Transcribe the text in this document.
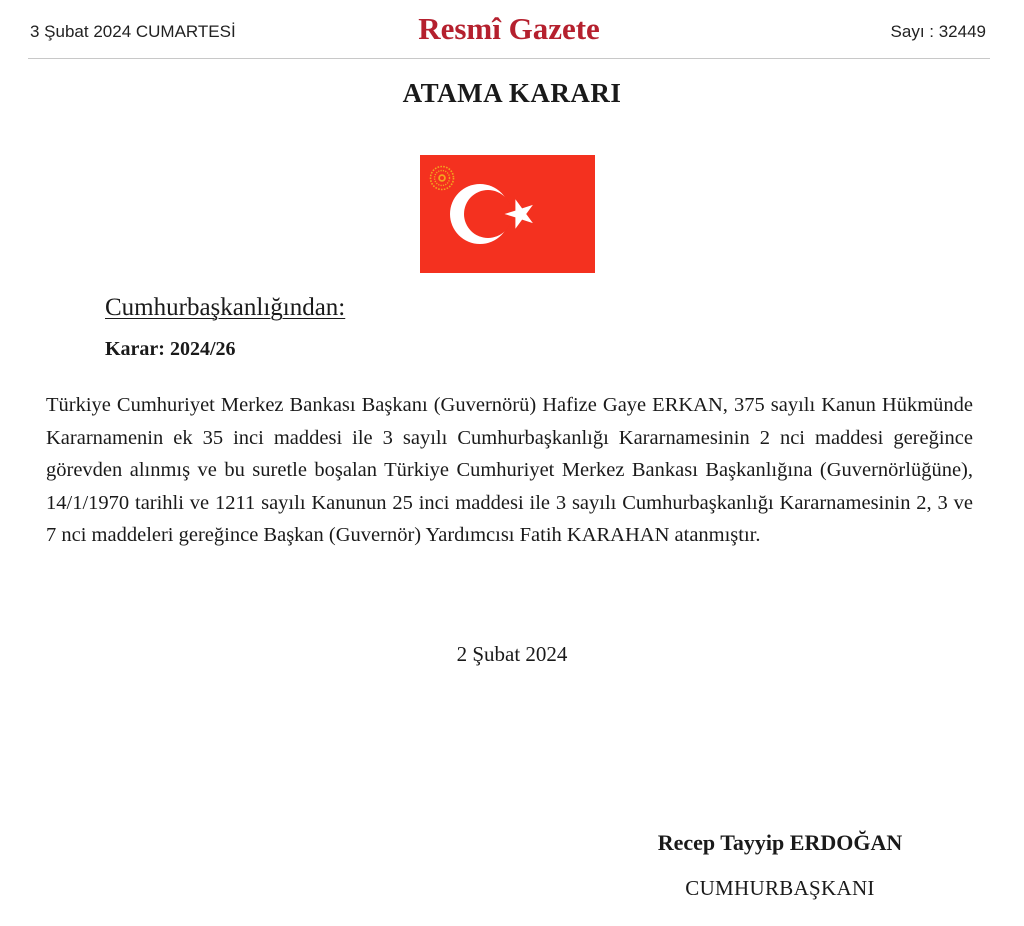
3 Şubat 2024 CUMARTESİ	Resmî Gazete	Sayı : 32449
ATAMA KARARI
Cumhurbaşkanlığından:
Karar: 2024/26

Türkiye Cumhuriyet Merkez Bankası Başkanı (Guvernörü) Hafize Gaye ERKAN, 375 sayılı Kanun Hükmünde Kararnamenin ek 35 inci maddesi ile 3 sayılı Cumhurbaşkanlığı Kararnamesinin 2 nci maddesi gereğince görevden alınmış ve bu suretle boşalan Türkiye Cumhuriyet Merkez Bankası Başkanlığına (Guvernörlüğüne), 14/1/1970 tarihli ve 1211 sayılı Kanunun 25 inci maddesi ile 3 sayılı Cumhurbaşkanlığı Kararnamesinin 2, 3 ve 7 nci maddeleri gereğince Başkan (Guvernör) Yardımcısı Fatih KARAHAN atanmıştır.

2 Şubat 2024
Recep Tayyip ERDOĞAN
CUMHURBAŞKANI
